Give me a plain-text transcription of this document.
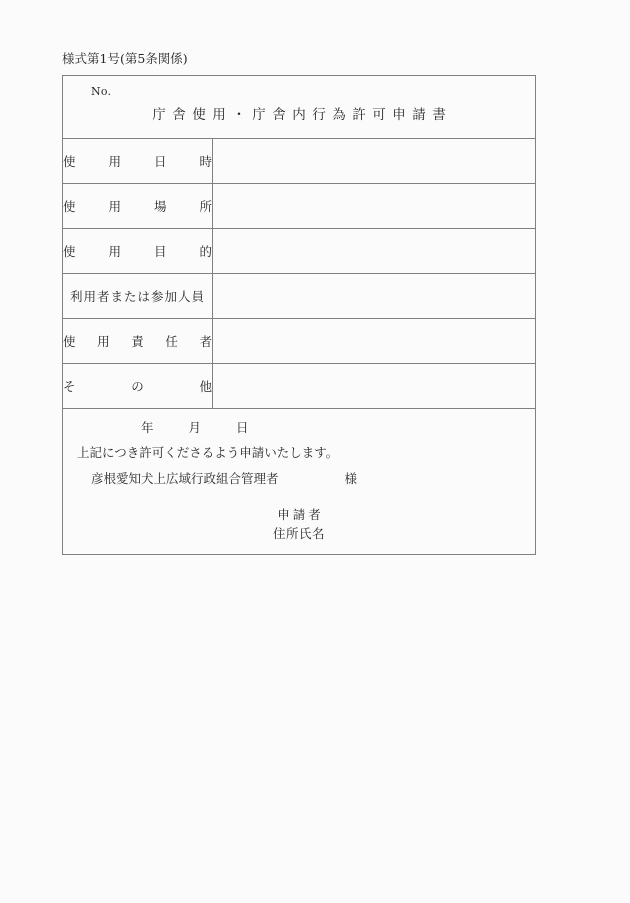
様式第1号(第5条関係)
No.
庁舎使用・庁舎内行為許可申請書	

使用日時	
使用場所	
使用目的	
利用者または参加人員	
使用責任者	
その他	

年 月 日
上記につき許可くださるよう申請いたします。
彦根愛知犬上広域行政組合管理者 様
申請者
住所氏名	
